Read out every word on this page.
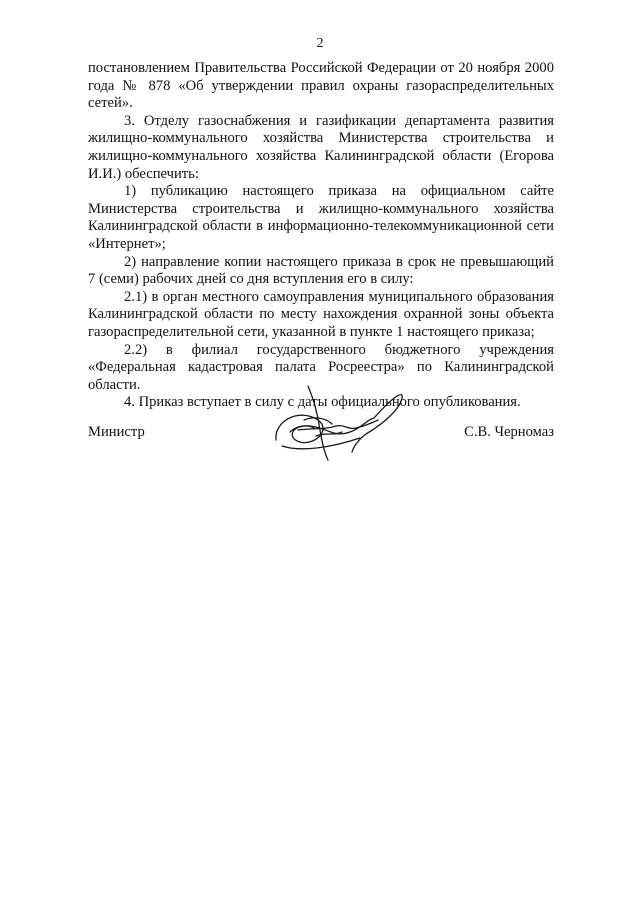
2

постановлением Правительства Российской Федерации от 20 ноября 2000 года № 878 «Об утверждении правил охраны газораспределительных сетей».

3. Отделу газоснабжения и газификации департамента развития жилищно-коммунального хозяйства Министерства строительства и жилищно-коммунального хозяйства Калининградской области (Егорова И.И.) обеспечить:

1) публикацию настоящего приказа на официальном сайте Министерства строительства и жилищно-коммунального хозяйства Калининградской области в информационно-телекоммуникационной сети «Интернет»;

2) направление копии настоящего приказа в срок не превышающий 7 (семи) рабочих дней со дня вступления его в силу:

2.1) в орган местного самоуправления муниципального образования Калининградской области по месту нахождения охранной зоны объекта газораспределительной сети, указанной в пункте 1 настоящего приказа;

2.2) в филиал государственного бюджетного учреждения «Федеральная кадастровая палата Росреестра» по Калининградской области.

4. Приказ вступает в силу с даты официального опубликования.

Министр	С.В. Черномаз
